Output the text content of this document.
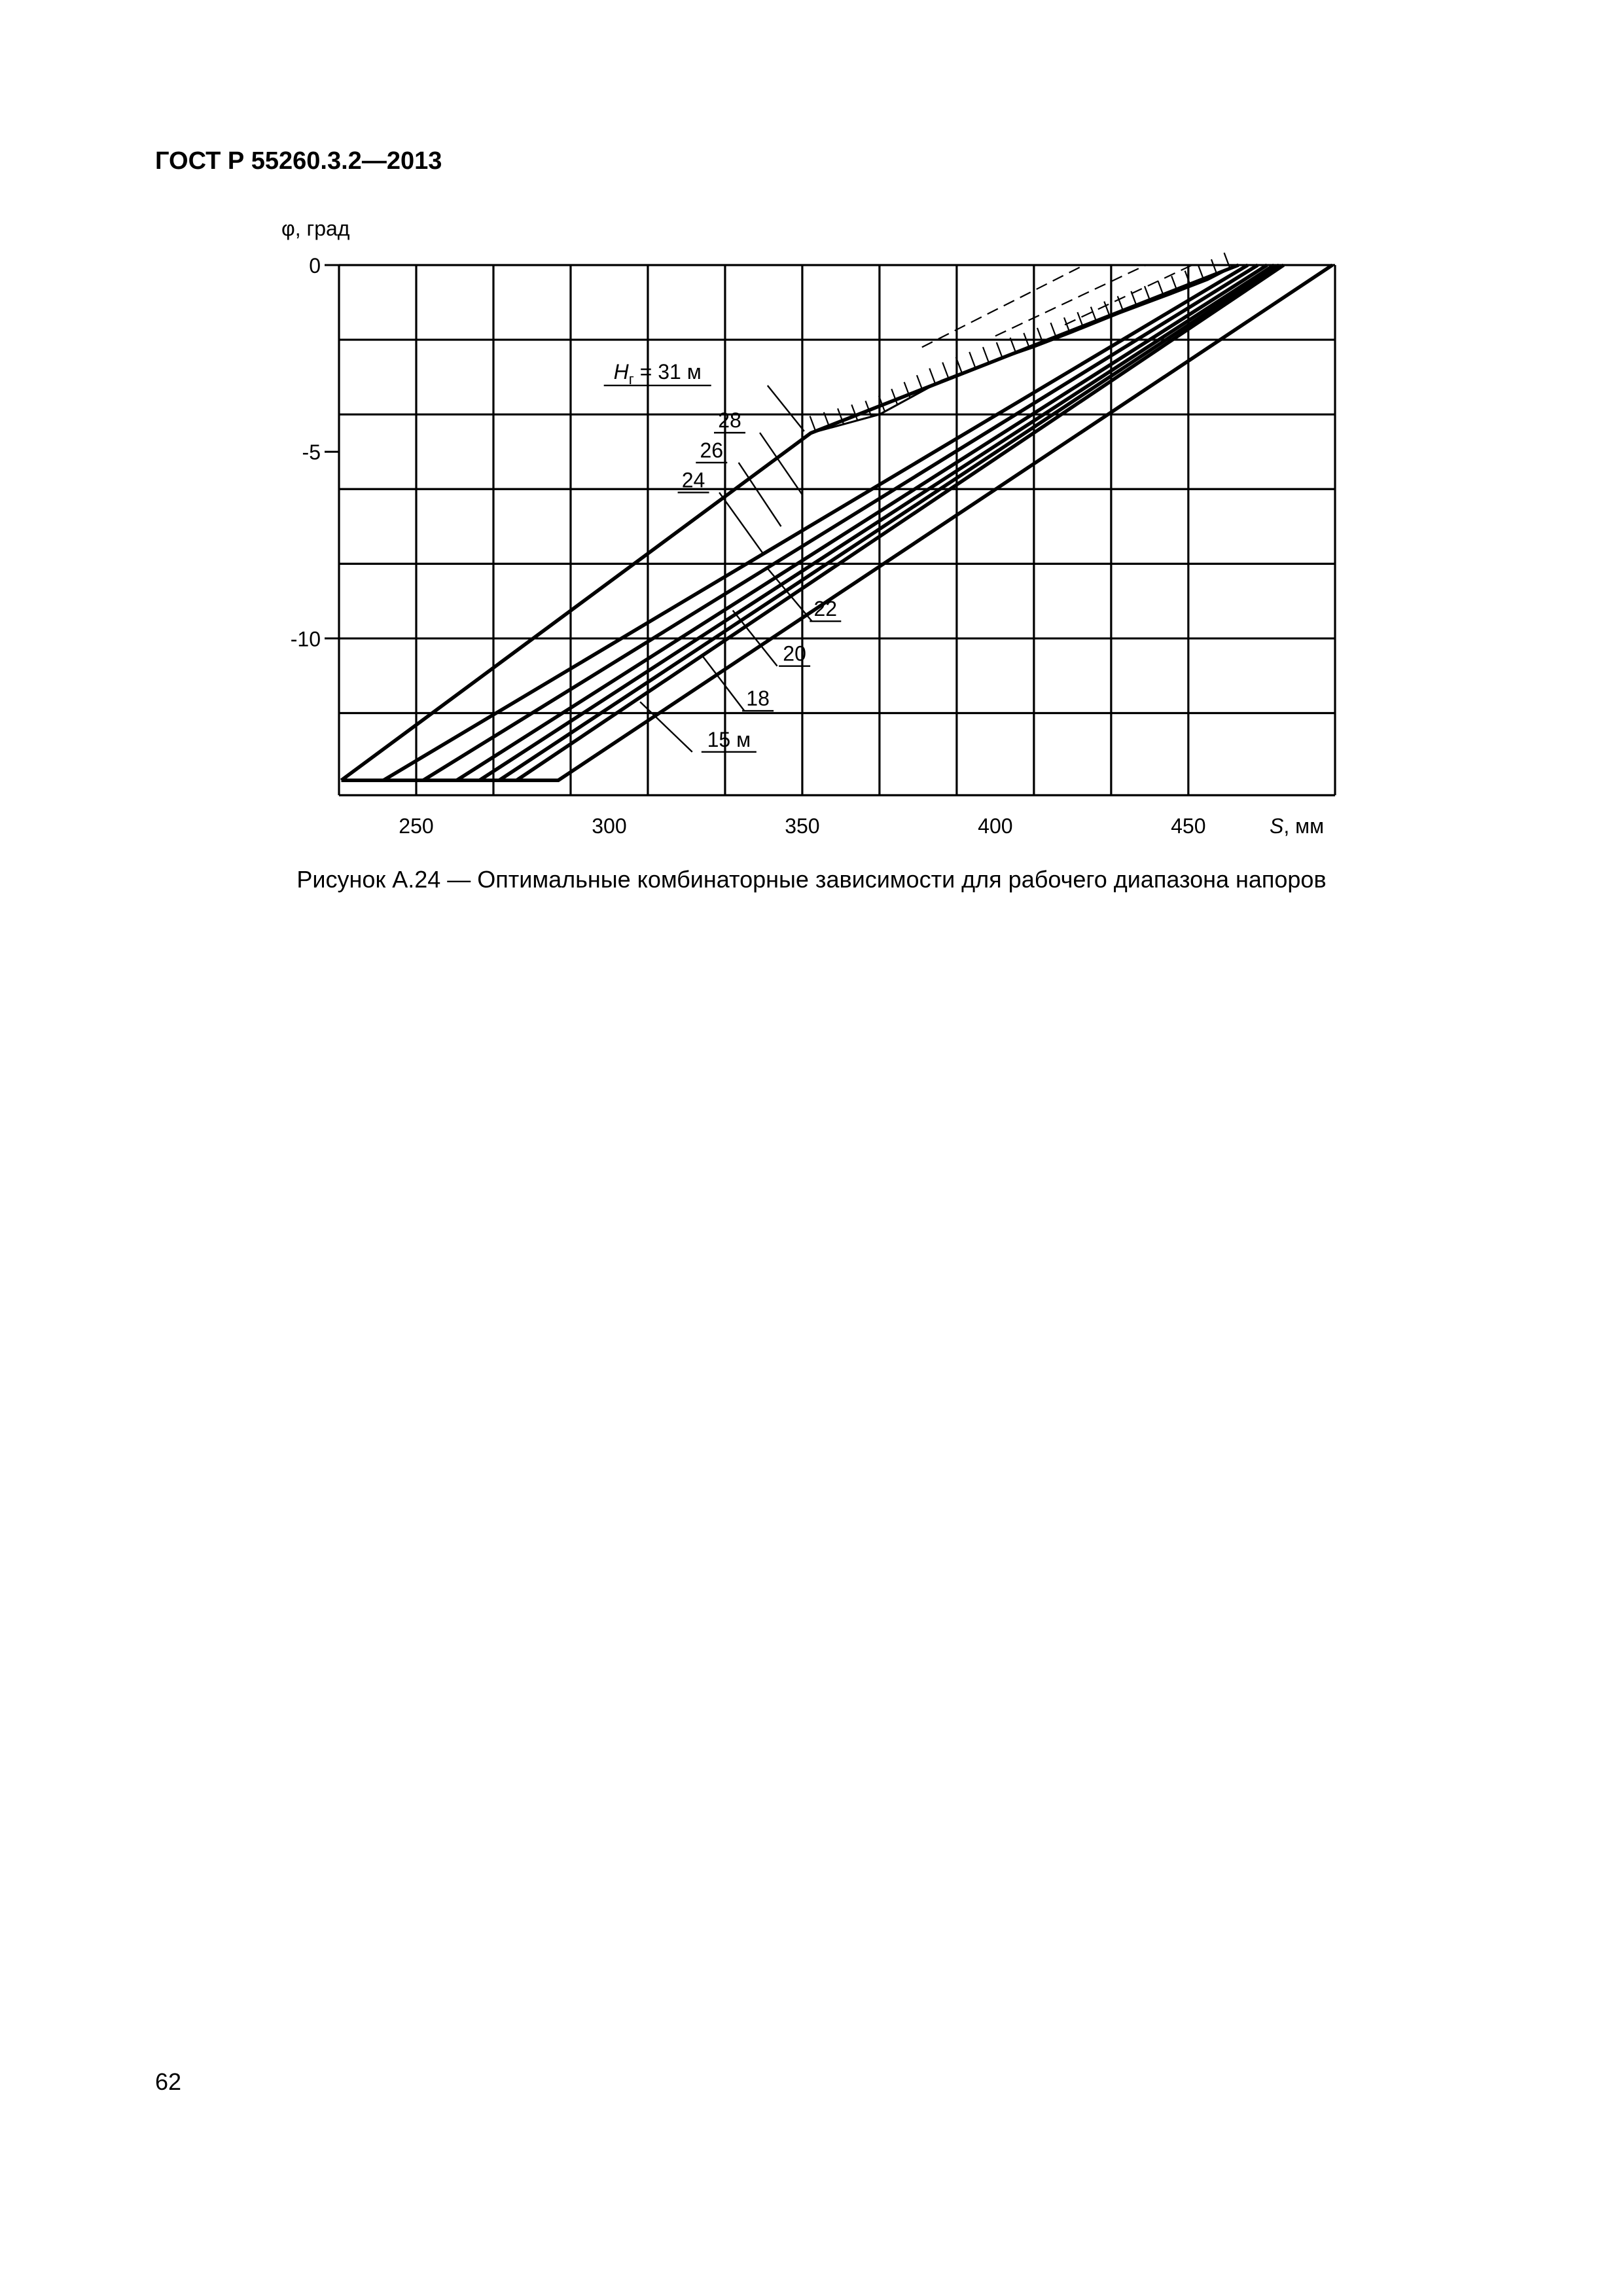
ГОСТ Р 55260.3.2—2013

0
-5
-10
250	300	350	400	450
φ, град
S, мм
28
26
24
22
20
18
15 м
$H_г = 31$ м

Рисунок А.24 — Оптимальные комбинаторные зависимости для рабочего диапазона напоров

62
